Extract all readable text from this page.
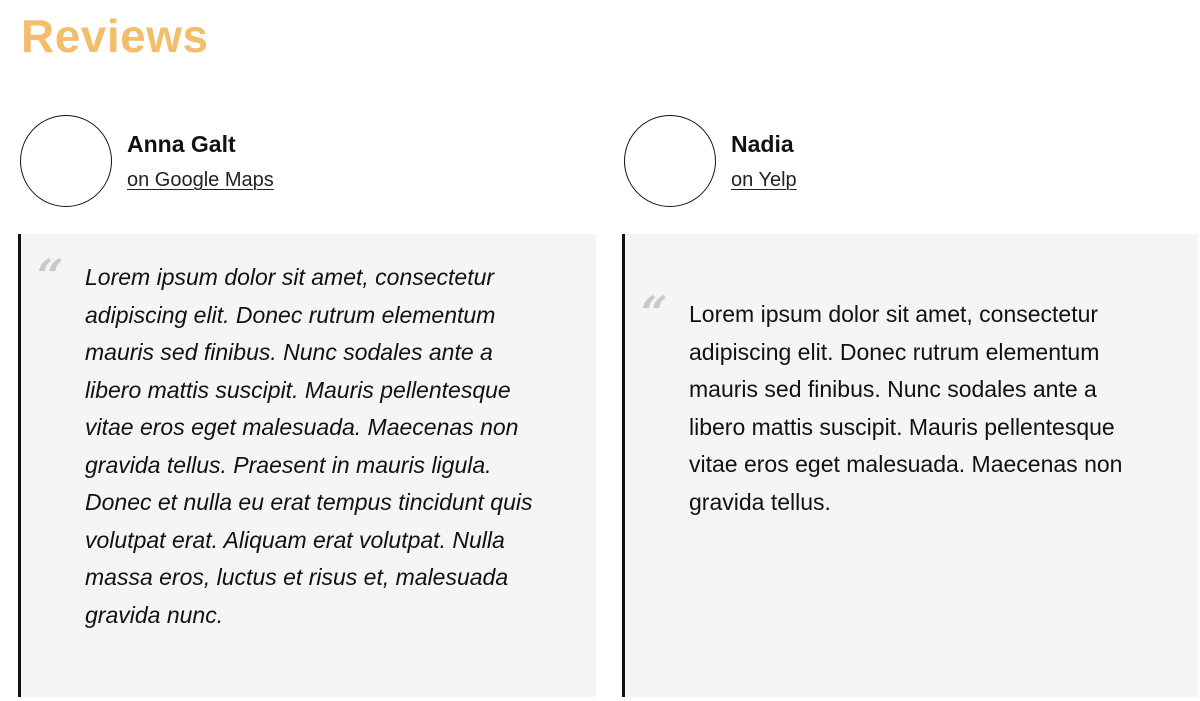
Reviews
Anna Galt
on Google Maps
“ Lorem ipsum dolor sit amet, consectetur adipiscing elit. Donec rutrum elementum mauris sed finibus. Nunc sodales ante a libero mattis suscipit. Mauris pellentesque vitae eros eget malesuada. Maecenas non gravida tellus. Praesent in mauris ligula. Donec et nulla eu erat tempus tincidunt quis volutpat erat. Aliquam erat volutpat. Nulla massa eros, luctus et risus et, malesuada gravida nunc.

Nadia
on Yelp
“ Lorem ipsum dolor sit amet, consectetur adipiscing elit. Donec rutrum elementum mauris sed finibus. Nunc sodales ante a libero mattis suscipit. Mauris pellentesque vitae eros eget malesuada. Maecenas non gravida tellus.
